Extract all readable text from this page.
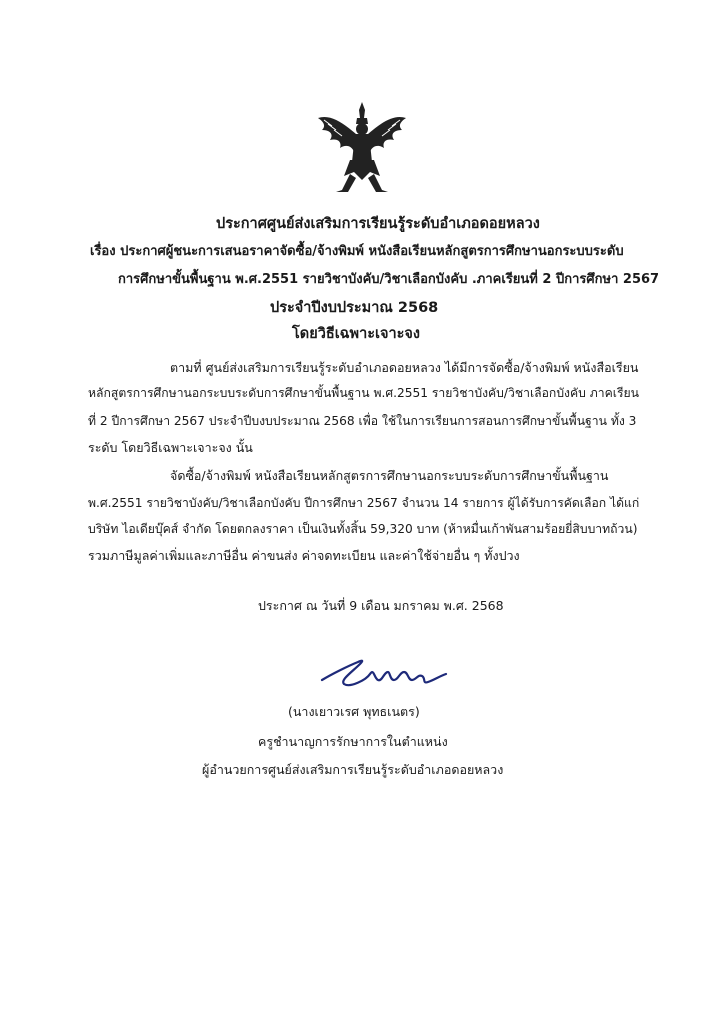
ประกาศศูนย์ส่งเสริมการเรียนรู้ระดับอำเภอดอยหลวง
เรื่อง ประกาศผู้ชนะการเสนอราคาจัดซื้อ/จ้างพิมพ์ หนังสือเรียนหลักสูตรการศึกษานอกระบบระดับ
การศึกษาขั้นพื้นฐาน พ.ศ.2551 รายวิชาบังคับ/วิชาเลือกบังคับ .ภาคเรียนที่ 2 ปีการศึกษา 2567
ประจำปีงบประมาณ 2568
โดยวิธีเฉพาะเจาะจง
ตามที่ ศูนย์ส่งเสริมการเรียนรู้ระดับอำเภอดอยหลวง ได้มีการจัดซื้อ/จ้างพิมพ์ หนังสือเรียน
หลักสูตรการศึกษานอกระบบระดับการศึกษาขั้นพื้นฐาน พ.ศ.2551 รายวิชาบังคับ/วิชาเลือกบังคับ ภาคเรียน
ที่ 2 ปีการศึกษา 2567 ประจำปีบงบประมาณ 2568 เพื่อ ใช้ในการเรียนการสอนการศึกษาขั้นพื้นฐาน ทั้ง 3
ระดับ โดยวิธีเฉพาะเจาะจง นั้น
จัดซื้อ/จ้างพิมพ์ หนังสือเรียนหลักสูตรการศึกษานอกระบบระดับการศึกษาขั้นพื้นฐาน
พ.ศ.2551 รายวิชาบังคับ/วิชาเลือกบังคับ ปีการศึกษา 2567 จำนวน 14 รายการ ผู้ได้รับการคัดเลือก ได้แก่
บริษัท ไอเดียบุ๊คส์ จำกัด โดยตกลงราคา เป็นเงินทั้งสิ้น 59,320 บาท (ห้าหมื่นเก้าพันสามร้อยยี่สิบบาทถ้วน)
รวมภาษีมูลค่าเพิ่มและภาษีอื่น ค่าขนส่ง ค่าจดทะเบียน และค่าใช้จ่ายอื่น ๆ ทั้งปวง
ประกาศ ณ วันที่ 9 เดือน มกราคม พ.ศ. 2568
(นางเยาวเรศ พุทธเนตร)
ครูชำนาญการรักษาการในตำแหน่ง
ผู้อำนวยการศูนย์ส่งเสริมการเรียนรู้ระดับอำเภอดอยหลวง
